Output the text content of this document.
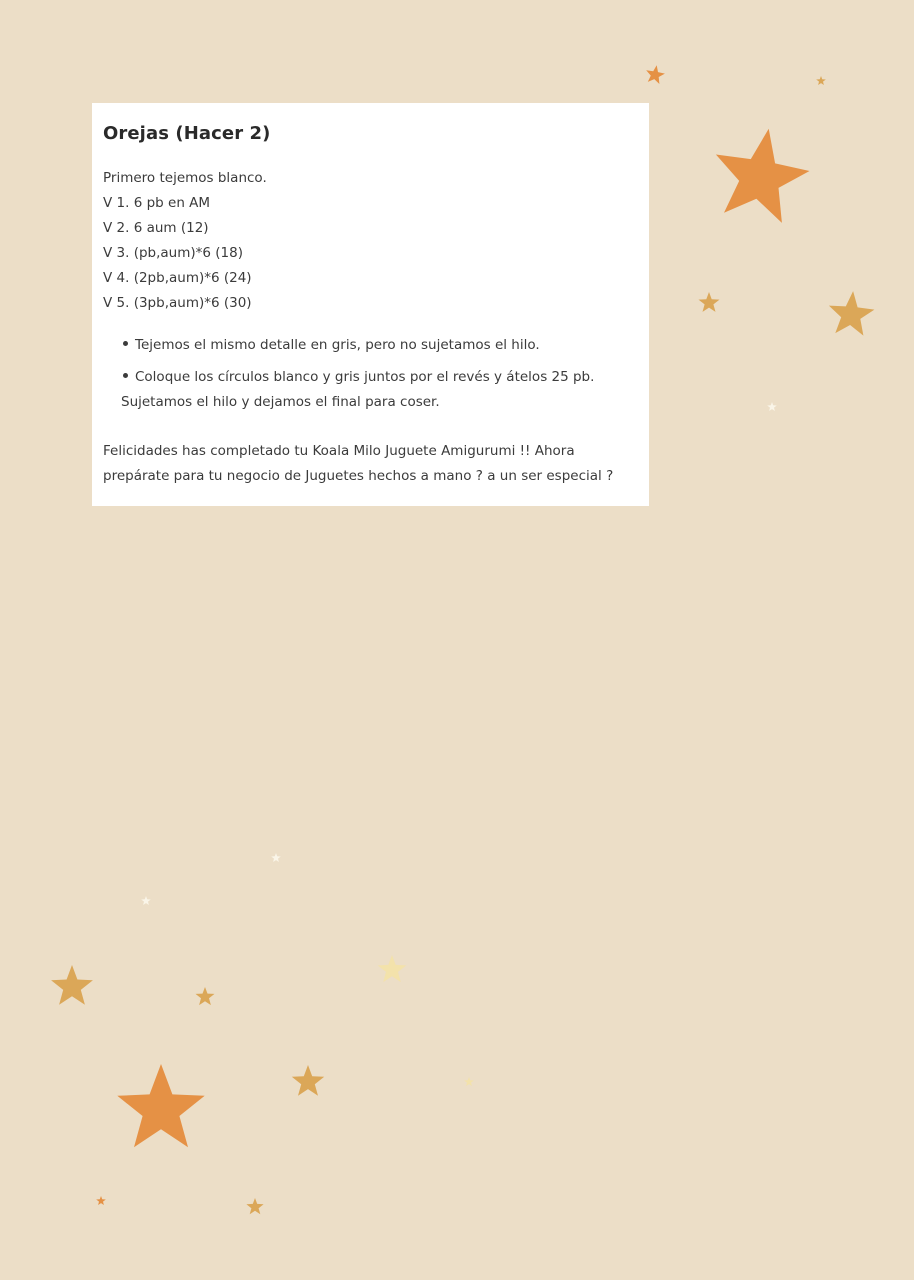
Orejas (Hacer 2)
Primero tejemos blanco.
V 1. 6 pb en AM
V 2. 6 aum (12)
V 3. (pb,aum)*6 (18)
V 4. (2pb,aum)*6 (24)
V 5. (3pb,aum)*6 (30)
Tejemos el mismo detalle en gris, pero no sujetamos el hilo.
Coloque los círculos blanco y gris juntos por el revés y átelos 25 pb. Sujetamos el hilo y dejamos el final para coser.

Felicidades has completado tu Koala Milo Juguete Amigurumi !! Ahora prepárate para tu negocio de Juguetes hechos a mano ? a un ser especial ?
